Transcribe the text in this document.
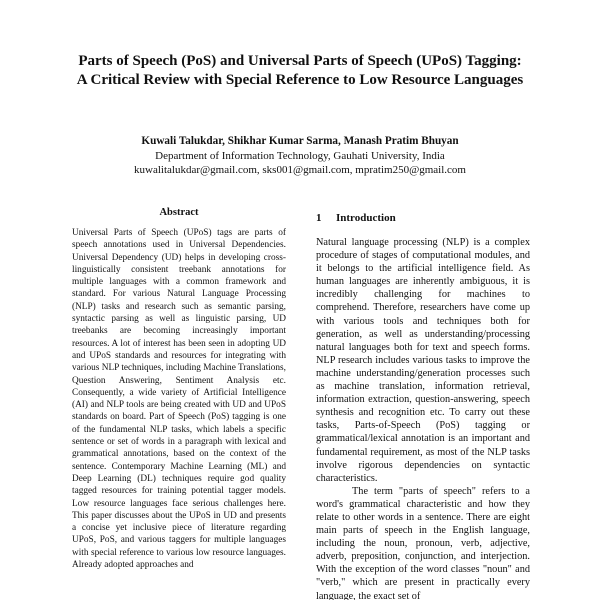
Parts of Speech (PoS) and Universal Parts of Speech (UPoS) Tagging:
A Critical Review with Special Reference to Low Resource Languages
Kuwali Talukdar, Shikhar Kumar Sarma, Manash Pratim Bhuyan
Department of Information Technology, Gauhati University, India
kuwalitalukdar@gmail.com, sks001@gmail.com, mpratim250@gmail.com
Abstract
Universal Parts of Speech (UPoS) tags are parts of speech annotations used in Universal Dependencies. Universal Dependency (UD) helps in developing cross-linguistically consistent treebank annotations for multiple languages with a common framework and standard. For various Natural Language Processing (NLP) tasks and research such as semantic parsing, syntactic parsing as well as linguistic parsing, UD treebanks are becoming increasingly important resources. A lot of interest has been seen in adopting UD and UPoS standards and resources for integrating with various NLP techniques, including Machine Translations, Question Answering, Sentiment Analysis etc. Consequently, a wide variety of Artificial Intelligence (AI) and NLP tools are being created with UD and UPoS standards on board. Part of Speech (PoS) tagging is one of the fundamental NLP tasks, which labels a specific sentence or set of words in a paragraph with lexical and grammatical annotations, based on the context of the sentence. Contemporary Machine Learning (ML) and Deep Learning (DL) techniques require god quality tagged resources for training potential tagger models. Low resource languages face serious challenges here. This paper discusses about the UPoS in UD and presents a concise yet inclusive piece of literature regarding UPoS, PoS, and various taggers for multiple languages with special reference to various low resource languages. Already adopted approaches and
1 Introduction

Natural language processing (NLP) is a complex procedure of stages of computational modules, and it belongs to the artificial intelligence field. As human languages are inherently ambiguous, it is incredibly challenging for machines to comprehend. Therefore, researchers have come up with various tools and techniques both for generation, as well as understanding/processing natural languages both for text and speech forms. NLP research includes various tasks to improve the machine understanding/generation processes such as machine translation, information retrieval, information extraction, question-answering, speech synthesis and recognition etc. To carry out these tasks, Parts-of-Speech (PoS) tagging or grammatical/lexical annotation is an important and fundamental requirement, as most of the NLP tasks involve rigorous dependencies on syntactic characteristics.

The term "parts of speech" refers to a word's grammatical characteristic and how they relate to other words in a sentence. There are eight main parts of speech in the English language, including the noun, pronoun, verb, adjective, adverb, preposition, conjunction, and interjection. With the exception of the word classes "noun" and "verb," which are present in practically every language, the exact set of
